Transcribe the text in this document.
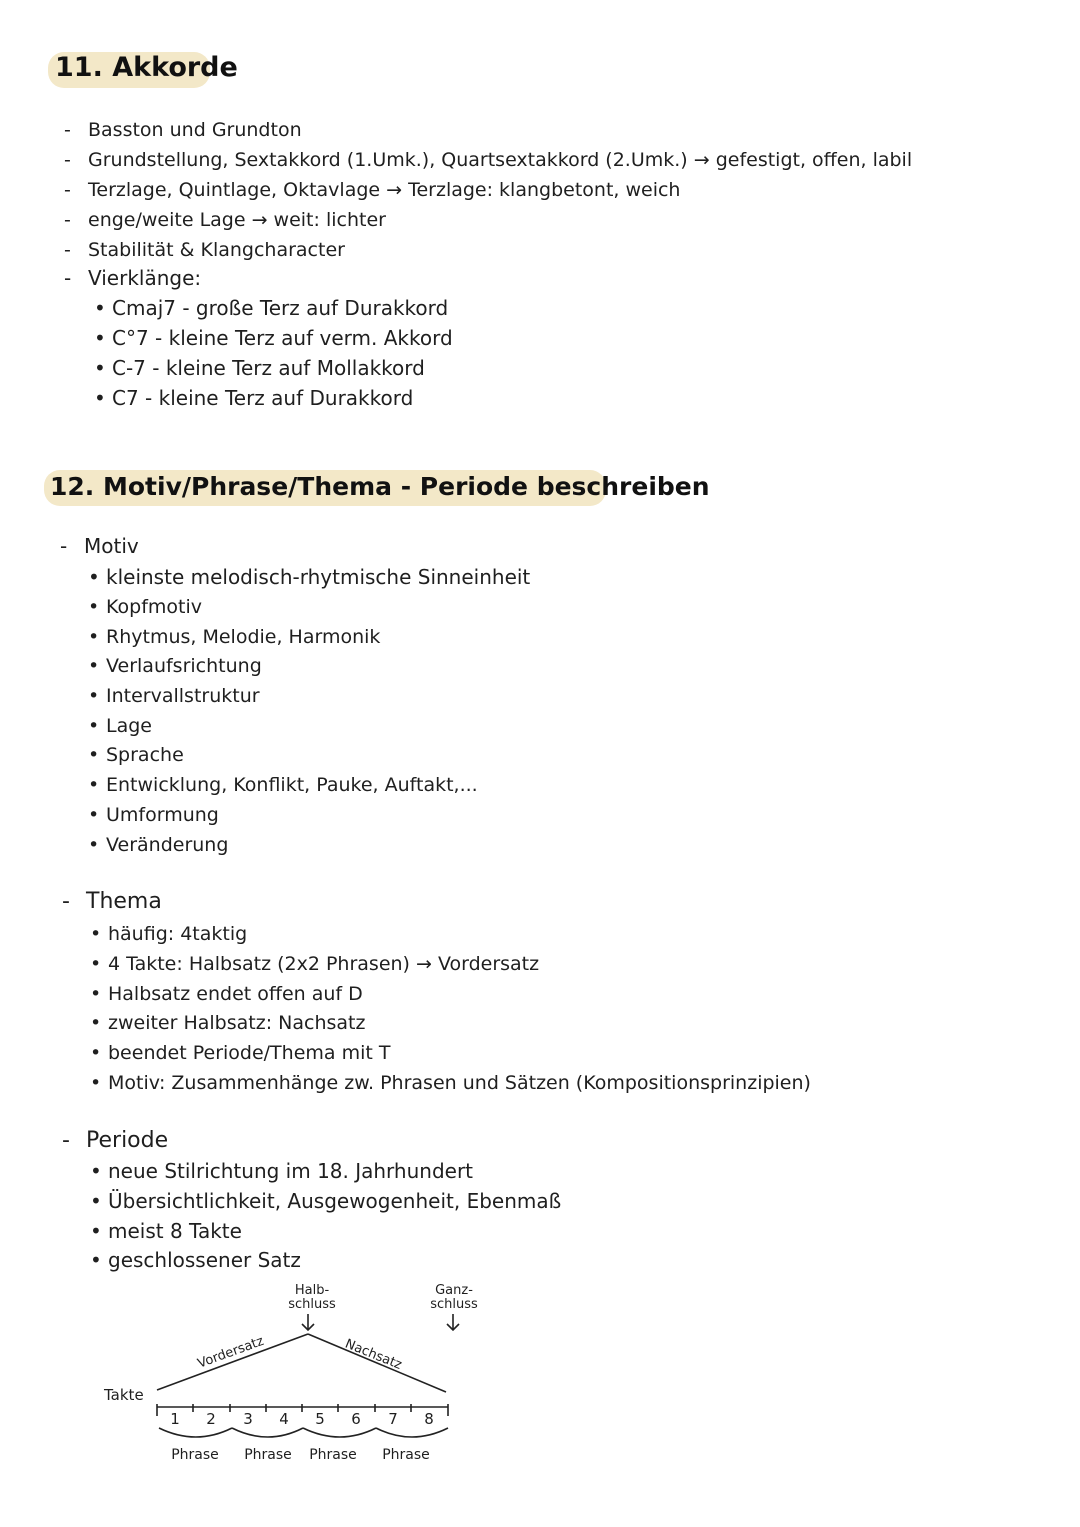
11. Akkorde
- Basston und Grundton
- Grundstellung, Sextakkord (1.Umk.), Quartsextakkord (2.Umk.) → gefestigt, offen, labil
- Terzlage, Quintlage, Oktavlage → Terzlage: klangbetont, weich
- enge/weite Lage → weit: lichter
- Stabilität & Klangcharacter
- Vierklänge:
• Cmaj7 - große Terz auf Durakkord
• C°7 - kleine Terz auf verm. Akkord
• C-7 - kleine Terz auf Mollakkord
• C7 - kleine Terz auf Durakkord
12. Motiv/Phrase/Thema - Periode beschreiben
- Motiv
• kleinste melodisch-rhytmische Sinneinheit
• Kopfmotiv
• Rhytmus, Melodie, Harmonik
• Verlaufsrichtung
• Intervallstruktur
• Lage
• Sprache
• Entwicklung, Konflikt, Pauke, Auftakt,...
• Umformung
• Veränderung
- Thema
• häufig: 4taktig
• 4 Takte: Halbsatz (2x2 Phrasen) → Vordersatz
• Halbsatz endet offen auf D
• zweiter Halbsatz: Nachsatz
• beendet Periode/Thema mit T
• Motiv: Zusammenhänge zw. Phrasen und Sätzen (Kompositionsprinzipien)
- Periode
• neue Stilrichtung im 18. Jahrhundert
• Übersichtlichkeit, Ausgewogenheit, Ebenmaß
• meist 8 Takte
• geschlossener Satz
Halb-
schluss
Ganz-
schluss
Vordersatz	Nachsatz
Takte
1 2 3 4 5 6 7 8
Phrase Phrase Phrase Phrase
